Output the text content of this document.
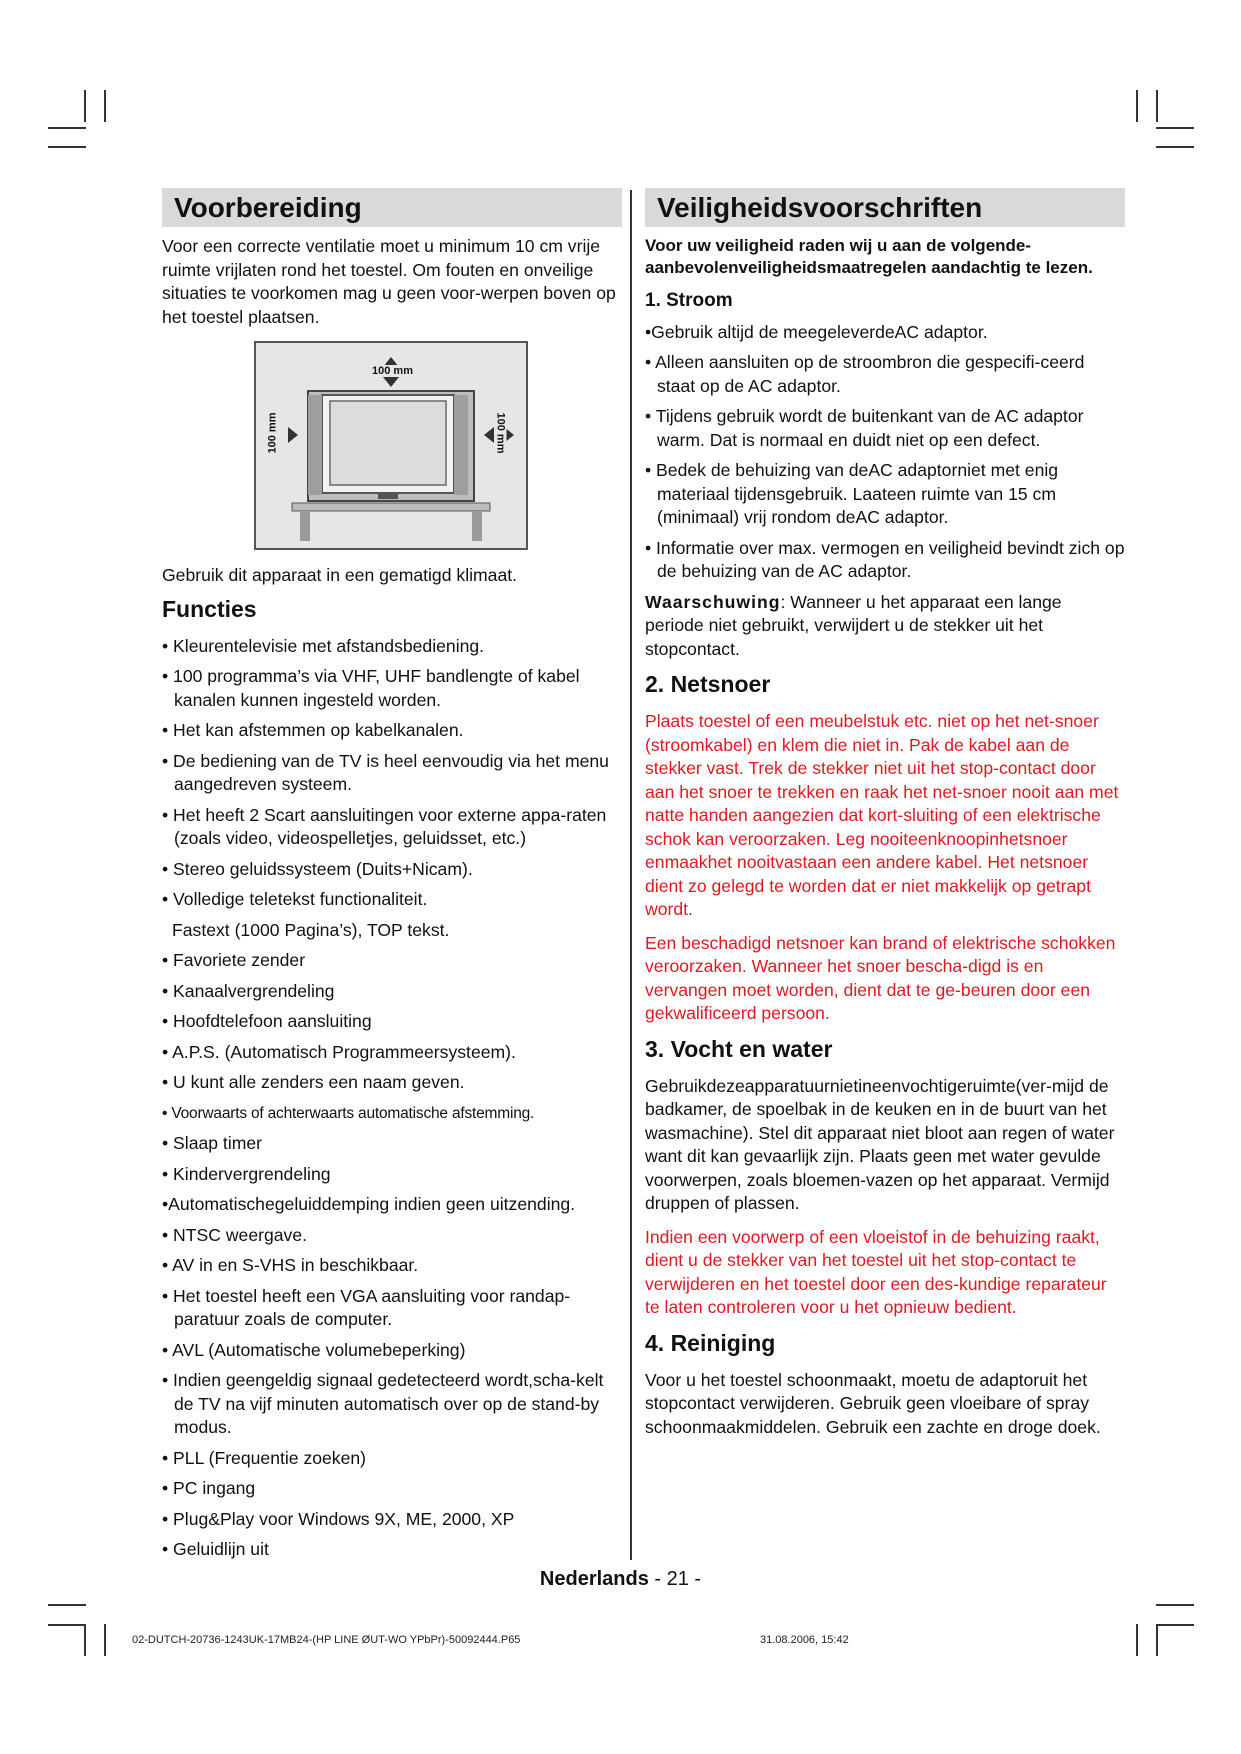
Voorbereiding

Voor een correcte ventilatie moet u minimum 10 cm vrije ruimte vrijlaten rond het toestel. Om fouten en onveilige situaties te voorkomen mag u geen voor-werpen boven op het toestel plaatsen.

100 mm
100 mm	100 mm

Gebruik dit apparaat in een gematigd klimaat.

Functies
• Kleurentelevisie met afstandsbediening.
• 100 programma’s via VHF, UHF bandlengte of kabel kanalen kunnen ingesteld worden.
• Het kan afstemmen op kabelkanalen.
• De bediening van de TV is heel eenvoudig via het menu aangedreven systeem.
• Het heeft 2 Scart aansluitingen voor externe appa-raten (zoals video, videospelletjes, geluidsset, etc.)
• Stereo geluidssysteem (Duits+Nicam).
• Volledige teletekst functionaliteit.
Fastext (1000 Pagina’s), TOP tekst.
• Favoriete zender
• Kanaalvergrendeling
• Hoofdtelefoon aansluiting
• A.P.S. (Automatisch Programmeersysteem).
• U kunt alle zenders een naam geven.
• Voorwaarts of achterwaarts automatische afstemming.
• Slaap timer
• Kindervergrendeling
•Automatischegeluiddemping indien geen uitzending.
• NTSC weergave.
• AV in en S-VHS in beschikbaar.
• Het toestel heeft een VGA aansluiting voor randap-paratuur zoals de computer.
• AVL (Automatische volumebeperking)
• Indien geengeldig signaal gedetecteerd wordt,scha-kelt de TV na vijf minuten automatisch over op de stand-by modus.
• PLL (Frequentie zoeken)
• PC ingang
• Plug&Play voor Windows 9X, ME, 2000, XP
• Geluidlijn uit
Veiligheidsvoorschriften

Voor uw veiligheid raden wij u aan de volgende-aanbevolenveiligheidsmaatregelen aandachtig te lezen.

1. Stroom

•Gebruik altijd de meegeleverdeAC adaptor.
• Alleen aansluiten op de stroombron die gespecifi-ceerd staat op de AC adaptor.
• Tijdens gebruik wordt de buitenkant van de AC adaptor warm. Dat is normaal en duidt niet op een defect.
• Bedek de behuizing van deAC adaptorniet met enig materiaal tijdensgebruik. Laateen ruimte van 15 cm (minimaal) vrij rondom deAC adaptor.
• Informatie over max. vermogen en veiligheid bevindt zich op de behuizing van de AC adaptor.

Waarschuwing: Wanneer u het apparaat een lange periode niet gebruikt, verwijdert u de stekker uit het stopcontact.

2. Netsnoer

Plaats toestel of een meubelstuk etc. niet op het net-snoer (stroomkabel) en klem die niet in. Pak de kabel aan de stekker vast. Trek de stekker niet uit het stop-contact door aan het snoer te trekken en raak het net-snoer nooit aan met natte handen aangezien dat kort-sluiting of een elektrische schok kan veroorzaken. Leg nooiteenknoopinhetsnoer enmaakhet nooitvastaan een andere kabel. Het netsnoer dient zo gelegd te worden dat er niet makkelijk op getrapt wordt.

Een beschadigd netsnoer kan brand of elektrische schokken veroorzaken. Wanneer het snoer bescha-digd is en vervangen moet worden, dient dat te ge-beuren door een gekwalificeerd persoon.

3. Vocht en water

Gebruikdezeapparatuurnietineenvochtigeruimte(ver-mijd de badkamer, de spoelbak in de keuken en in de buurt van het wasmachine). Stel dit apparaat niet bloot aan regen of water want dit kan gevaarlijk zijn. Plaats geen met water gevulde voorwerpen, zoals bloemen-vazen op het apparaat. Vermijd druppen of plassen.

Indien een voorwerp of een vloeistof in de behuizing raakt, dient u de stekker van het toestel uit het stop-contact te verwijderen en het toestel door een des-kundige reparateur te laten controleren voor u het opnieuw bedient.

4. Reiniging

Voor u het toestel schoonmaakt, moetu de adaptoruit het stopcontact verwijderen. Gebruik geen vloeibare of spray schoonmaakmiddelen. Gebruik een zachte en droge doek.

Nederlands - 21 -
02-DUTCH-20736-1243UK-17MB24-(HP LINE ØUT-WO YPbPr)-50092444.P65	31.08.2006, 15:42
